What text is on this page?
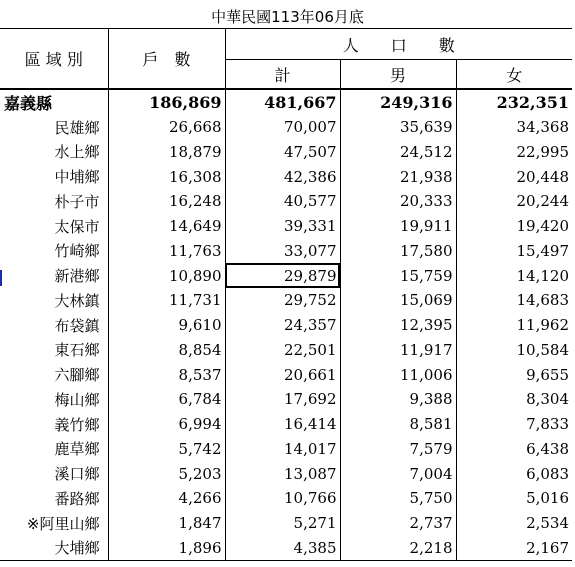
中華民國113年06月底
區 域 別	戶　數	人　　口　　數		
		計	男	女
嘉義縣	186,869	481,667	249,316	232,351
民雄鄉	26,668	70,007	35,639	34,368
水上鄉	18,879	47,507	24,512	22,995
中埔鄉	16,308	42,386	21,938	20,448
朴子市	16,248	40,577	20,333	20,244
太保市	14,649	39,331	19,911	19,420
竹崎鄉	11,763	33,077	17,580	15,497
新港鄉	10,890	29,879	15,759	14,120
大林鎮	11,731	29,752	15,069	14,683
布袋鎮	9,610	24,357	12,395	11,962
東石鄉	8,854	22,501	11,917	10,584
六腳鄉	8,537	20,661	11,006	9,655
梅山鄉	6,784	17,692	9,388	8,304
義竹鄉	6,994	16,414	8,581	7,833
鹿草鄉	5,742	14,017	7,579	6,438
溪口鄉	5,203	13,087	7,004	6,083
番路鄉	4,266	10,766	5,750	5,016
※阿里山鄉	1,847	5,271	2,737	2,534
大埔鄉	1,896	4,385	2,218	2,167
